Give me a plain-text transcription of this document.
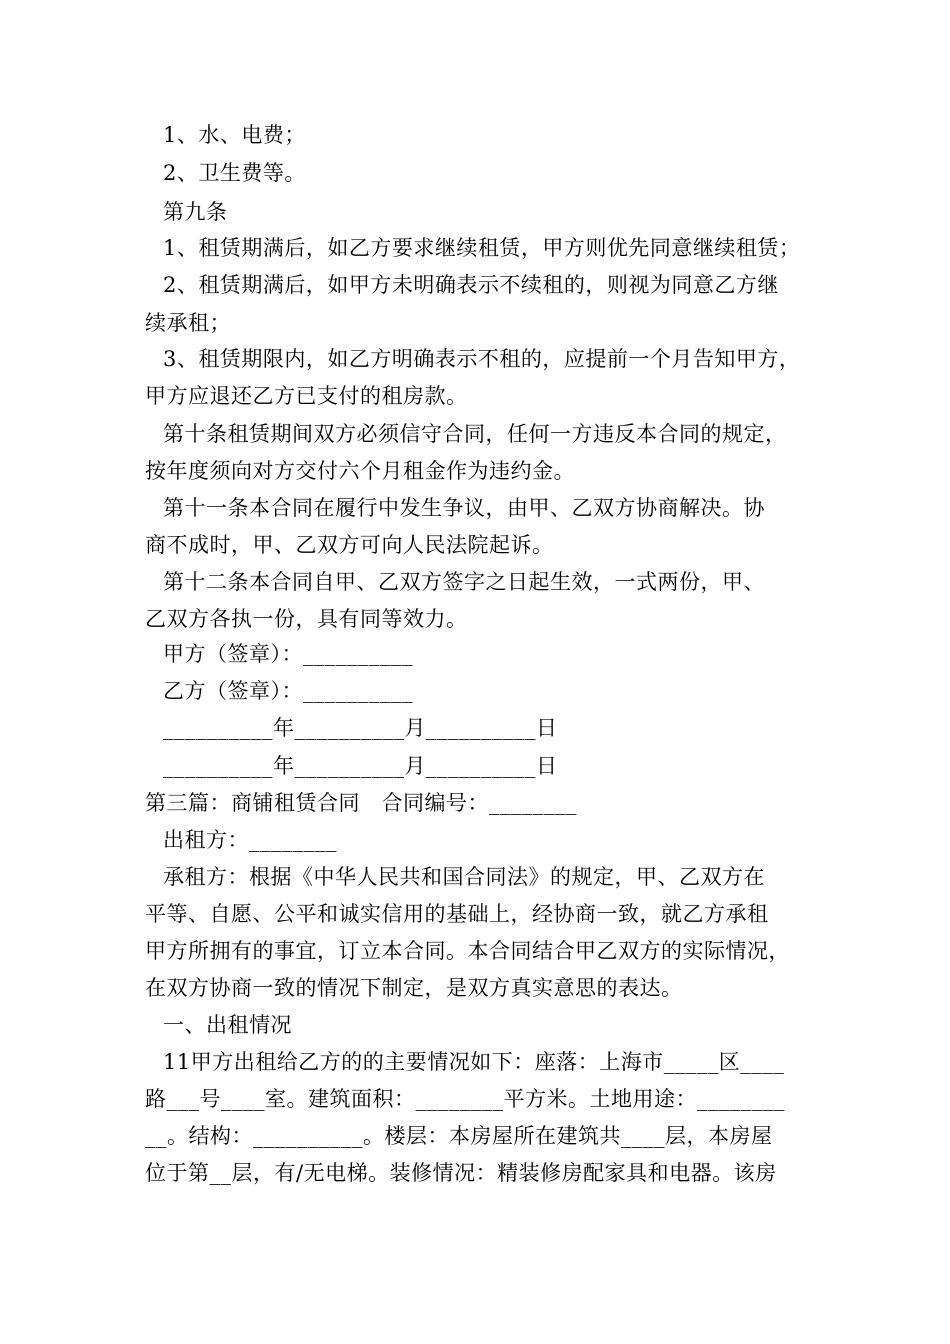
1、水、电费；
2、卫生费等。
第九条
1、租赁期满后，如乙方要求继续租赁，甲方则优先同意继续租赁；
2、租赁期满后，如甲方未明确表示不续租的，则视为同意乙方继
续承租；
3、租赁期限内，如乙方明确表示不租的，应提前一个月告知甲方，
甲方应退还乙方已支付的租房款。
第十条租赁期间双方必须信守合同，任何一方违反本合同的规定，
按年度须向对方交付六个月租金作为违约金。
第十一条本合同在履行中发生争议，由甲、乙双方协商解决。协
商不成时，甲、乙双方可向人民法院起诉。
第十二条本合同自甲、乙双方签字之日起生效，一式两份，甲、
乙双方各执一份，具有同等效力。
甲方（签章）：__________
乙方（签章）：__________
__________年__________月__________日
__________年__________月__________日
第三篇：商铺租赁合同　合同编号：________
出租方：________
承租方：根据《中华人民共和国合同法》的规定，甲、乙双方在
平等、自愿、公平和诚实信用的基础上，经协商一致，就乙方承租
甲方所拥有的事宜，订立本合同。本合同结合甲乙双方的实际情况，
在双方协商一致的情况下制定，是双方真实意思的表达。
一、出租情况
11甲方出租给乙方的的主要情况如下：座落：上海市_____区____
路___号____室。建筑面积：________平方米。土地用途：________
__。结构：__________。楼层：本房屋所在建筑共____层，本房屋
位于第__层，有/无电梯。装修情况：精装修房配家具和电器。该房
